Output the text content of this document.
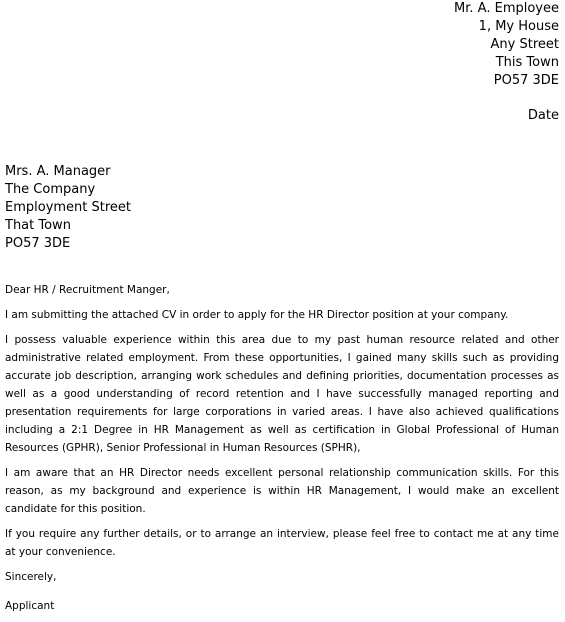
Mr. A. Employee
1, My House
Any Street
This Town
PO57 3DE
Date
Mrs. A. Manager
The Company
Employment Street
That Town
PO57 3DE

Dear HR / Recruitment Manger,

I am submitting the attached CV in order to apply for the HR Director position at your company.

I possess valuable experience within this area due to my past human resource related and other administrative related employment. From these opportunities, I gained many skills such as providing accurate job description, arranging work schedules and defining priorities, documentation processes as well as a good understanding of record retention and I have successfully managed reporting and presentation requirements for large corporations in varied areas. I have also achieved qualifications including a 2:1 Degree in HR Management as well as certification in Global Professional of Human Resources (GPHR), Senior Professional in Human Resources (SPHR),

I am aware that an HR Director needs excellent personal relationship communication skills. For this reason, as my background and experience is within HR Management, I would make an excellent candidate for this position.

If you require any further details, or to arrange an interview, please feel free to contact me at any time at your convenience.

Sincerely,

Applicant
